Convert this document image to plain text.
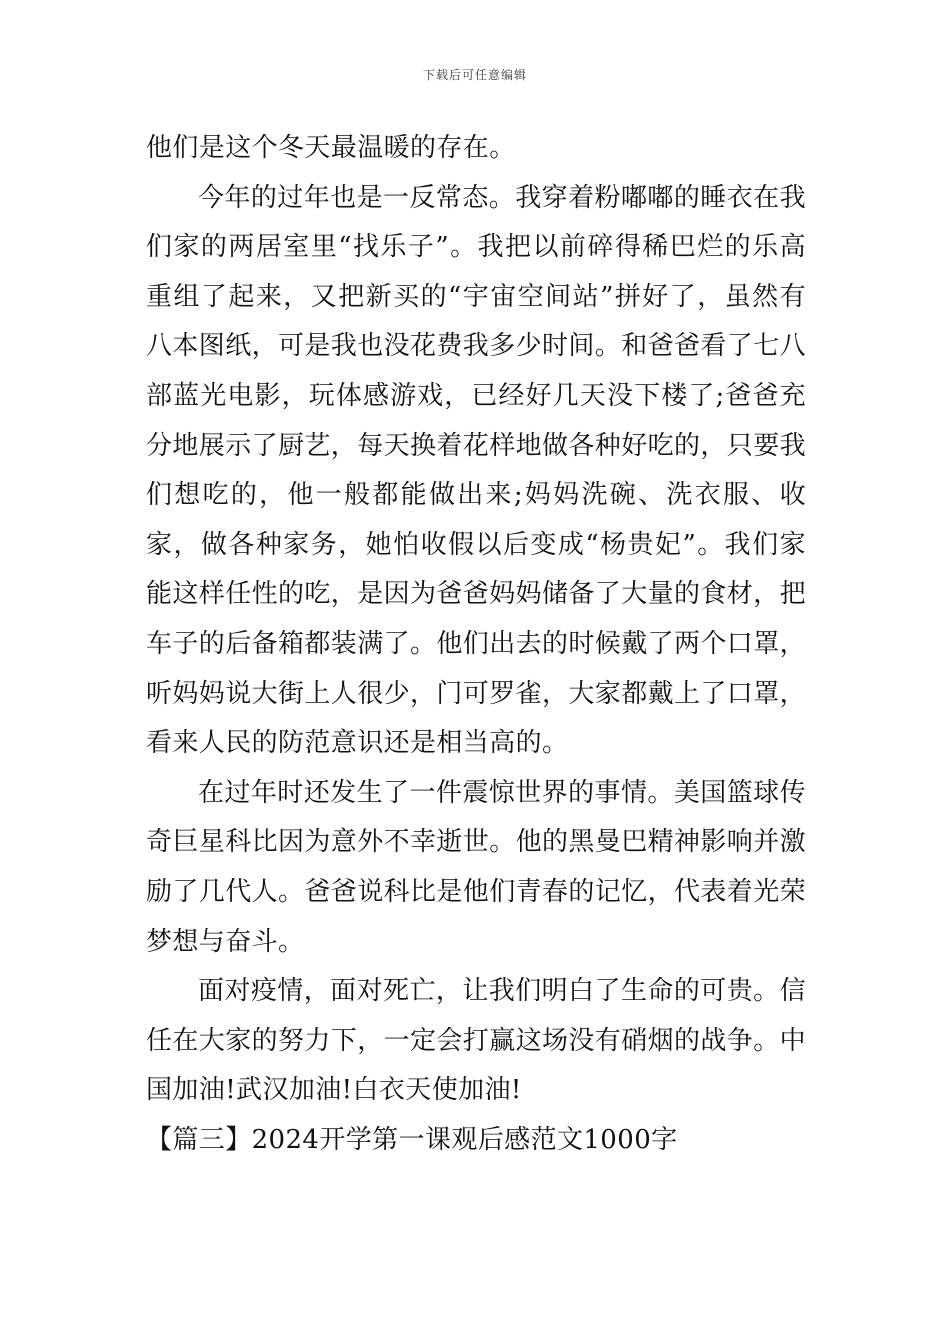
下载后可任意编辑

他们是这个冬天最温暖的存在。

今年的过年也是一反常态。我穿着粉嘟嘟的睡衣在我们家的两居室里“找乐子”。我把以前碎得稀巴烂的乐高重组了起来，又把新买的“宇宙空间站”拼好了，虽然有八本图纸，可是我也没花费我多少时间。和爸爸看了七八部蓝光电影，玩体感游戏，已经好几天没下楼了;爸爸充分地展示了厨艺，每天换着花样地做各种好吃的，只要我们想吃的，他一般都能做出来;妈妈洗碗、洗衣服、收家，做各种家务，她怕收假以后变成“杨贵妃”。我们家能这样任性的吃，是因为爸爸妈妈储备了大量的食材，把车子的后备箱都装满了。他们出去的时候戴了两个口罩，听妈妈说大街上人很少，门可罗雀，大家都戴上了口罩，看来人民的防范意识还是相当高的。

在过年时还发生了一件震惊世界的事情。美国篮球传奇巨星科比因为意外不幸逝世。他的黑曼巴精神影响并激励了几代人。爸爸说科比是他们青春的记忆，代表着光荣梦想与奋斗。

面对疫情，面对死亡，让我们明白了生命的可贵。信任在大家的努力下，一定会打赢这场没有硝烟的战争。中国加油!武汉加油!白衣天使加油!

【篇三】2024开学第一课观后感范文1000字
